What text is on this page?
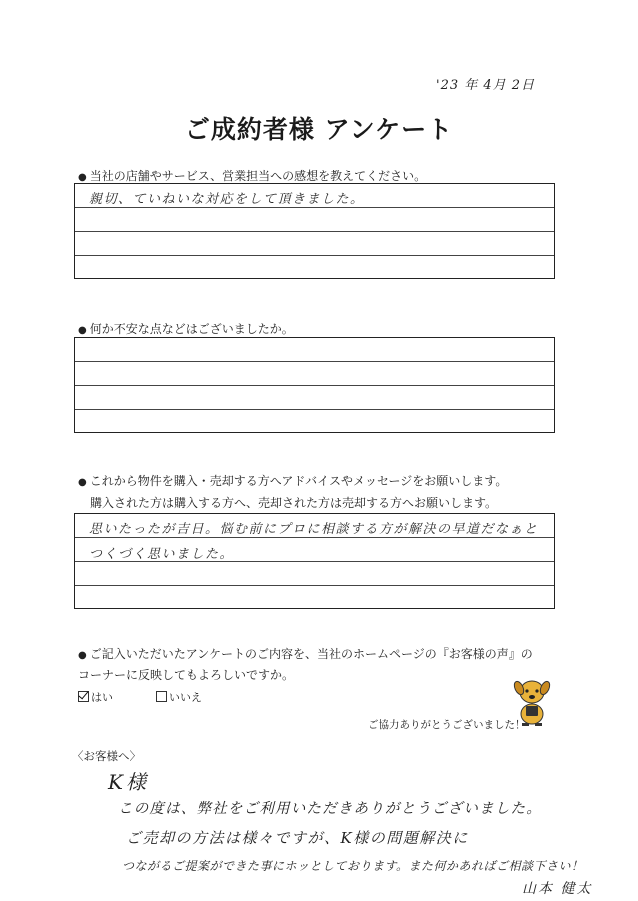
'23 年 4月 2日
ご成約者様 アンケート
● 当社の店舗やサービス、営業担当への感想を教えてください。
親切、ていねいな対応をして頂きました。
● 何か不安な点などはございましたか。
● これから物件を購入・売却する方へアドバイスやメッセージをお願いします。
購入された方は購入する方へ、売却された方は売却する方へお願いします。
思いたったが吉日。悩む前にプロに相談する方が解決の早道だなぁと
つくづく思いました。
● ご記入いただいたアンケートのご内容を、当社のホームページの『お客様の声』の
コーナーに反映してもよろしいですか。
はい	いいえ
ご協力ありがとうございました！
〈お客様へ〉
K様
この度は、弊社をご利用いただきありがとうございました。
ご売却の方法は様々ですが、K様の問題解決に
つながるご提案ができた事にホッとしております。また何かあればご相談下さい！
山本 健太
